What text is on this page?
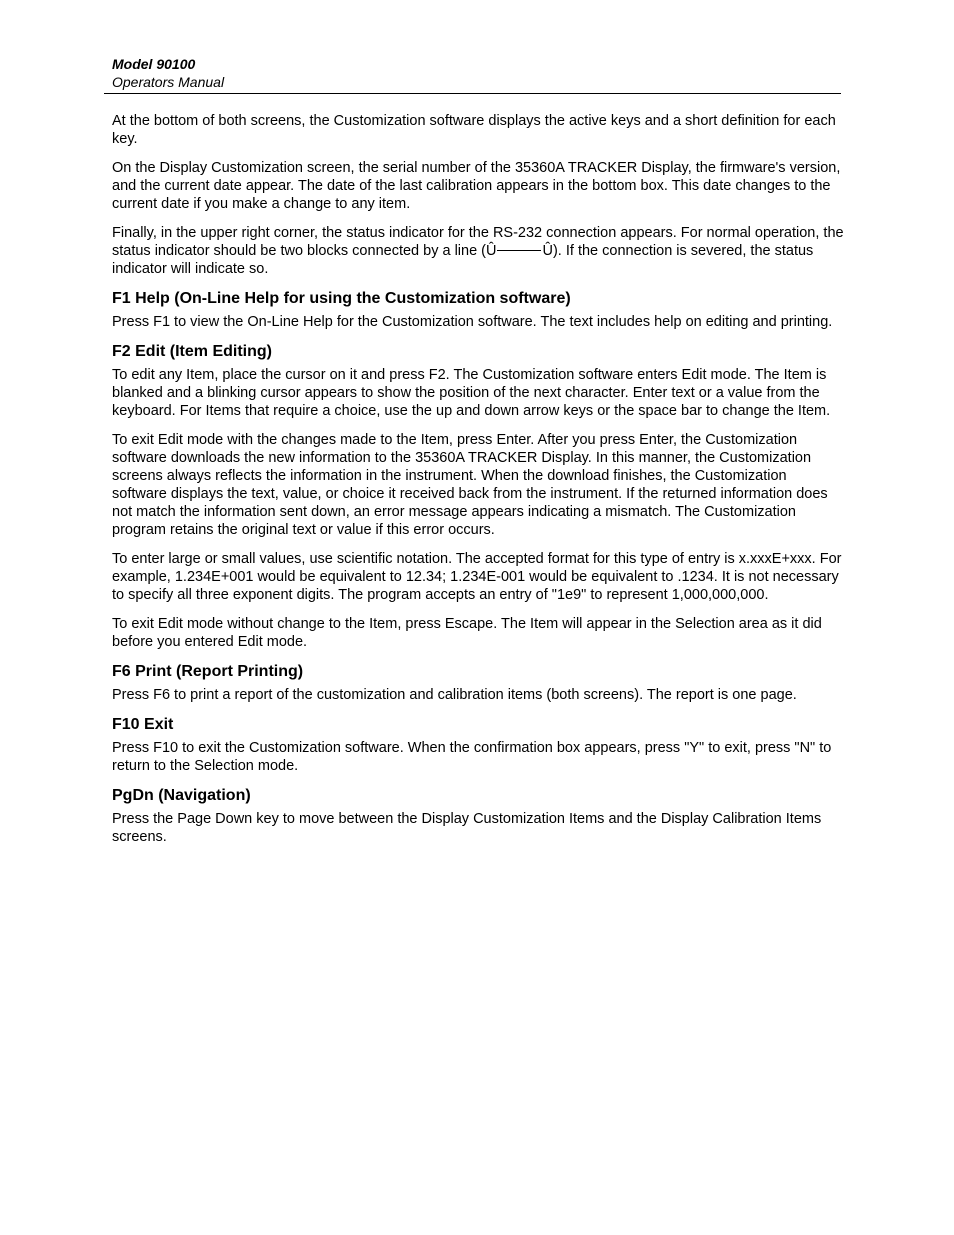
Model 90100
Operators Manual

At the bottom of both screens, the Customization software displays the active keys and a short definition for each key.

On the Display Customization screen, the serial number of the 35360A TRACKER Display, the firmware's version, and the current date appear. The date of the last calibration appears in the bottom box. This date changes to the current date if you make a change to any item.

Finally, in the upper right corner, the status indicator for the RS-232 connection appears. For normal operation, the status indicator should be two blocks connected by a line (Û	Û). If the connection is severed, the status indicator will indicate so.

F1 Help (On-Line Help for using the Customization software)

Press F1 to view the On-Line Help for the Customization software. The text includes help on editing and printing.

F2 Edit (Item Editing)

To edit any Item, place the cursor on it and press F2. The Customization software enters Edit mode. The Item is blanked and a blinking cursor appears to show the position of the next character. Enter text or a value from the keyboard. For Items that require a choice, use the up and down arrow keys or the space bar to change the Item.

To exit Edit mode with the changes made to the Item, press Enter. After you press Enter, the Customization software downloads the new information to the 35360A TRACKER Display. In this manner, the Customization screens always reflects the information in the instrument. When the download finishes, the Customization software displays the text, value, or choice it received back from the instrument. If the returned information does not match the information sent down, an error message appears indicating a mismatch. The Customization program retains the original text or value if this error occurs.

To enter large or small values, use scientific notation. The accepted format for this type of entry is x.xxxE+xxx. For example, 1.234E+001 would be equivalent to 12.34; 1.234E-001 would be equivalent to .1234. It is not necessary to specify all three exponent digits. The program accepts an entry of "1e9" to represent 1,000,000,000.

To exit Edit mode without change to the Item, press Escape. The Item will appear in the Selection area as it did before you entered Edit mode.

F6 Print (Report Printing)

Press F6 to print a report of the customization and calibration items (both screens). The report is one page.

F10 Exit

Press F10 to exit the Customization software. When the confirmation box appears, press "Y" to exit, press "N" to return to the Selection mode.

PgDn (Navigation)

Press the Page Down key to move between the Display Customization Items and the Display Calibration Items screens.
